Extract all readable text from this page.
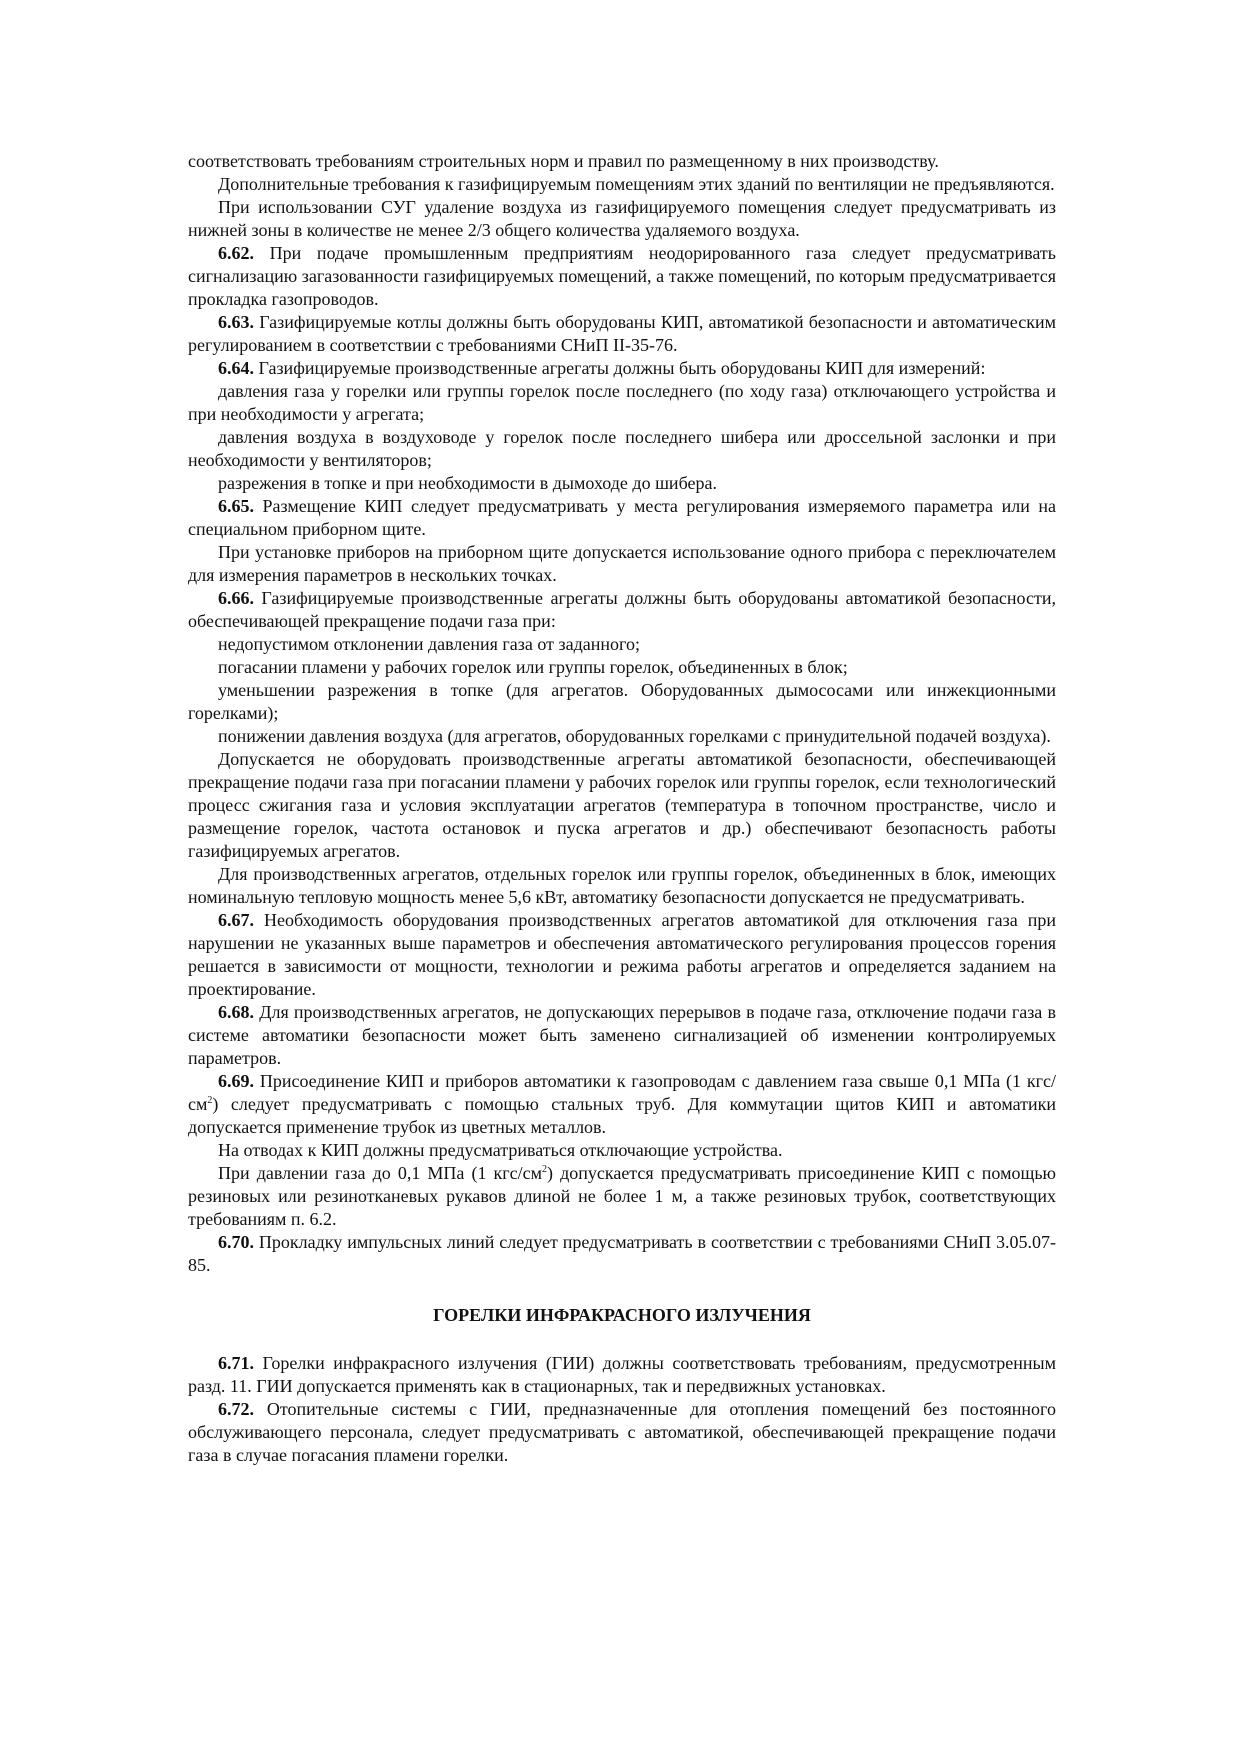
соответствовать требованиям строительных норм и правил по размещенному в них производству.

Дополнительные требования к газифицируемым помещениям этих зданий по вентиляции не предъявляются.

При использовании СУГ удаление воздуха из газифицируемого помещения следует предусматривать из нижней зоны в количестве не менее 2/3 общего количества удаляемого воздуха.

6.62. При подаче промышленным предприятиям неодорированного газа следует предусматривать сигнализацию загазованности газифицируемых помещений, а также помещений, по которым предусматривается прокладка газопроводов.

6.63. Газифицируемые котлы должны быть оборудованы КИП, автоматикой безопасности и автоматическим регулированием в соответствии с требованиями СНиП II-35-76.

6.64. Газифицируемые производственные агрегаты должны быть оборудованы КИП для измерений:

давления газа у горелки или группы горелок после последнего (по ходу газа) отключающего устройства и при необходимости у агрегата;

давления воздуха в воздуховоде у горелок после последнего шибера или дроссельной заслонки и при необходимости у вентиляторов;

разрежения в топке и при необходимости в дымоходе до шибера.

6.65. Размещение КИП следует предусматривать у места регулирования измеряемого параметра или на специальном приборном щите.

При установке приборов на приборном щите допускается использование одного прибора с переключателем для измерения параметров в нескольких точках.

6.66. Газифицируемые производственные агрегаты должны быть оборудованы автоматикой безопасности, обеспечивающей прекращение подачи газа при:

недопустимом отклонении давления газа от заданного;

погасании пламени у рабочих горелок или группы горелок, объединенных в блок;

уменьшении разрежения в топке (для агрегатов. Оборудованных дымососами или инжекционными горелками);

понижении давления воздуха (для агрегатов, оборудованных горелками с принудительной подачей воздуха).

Допускается не оборудовать производственные агрегаты автоматикой безопасности, обеспечивающей прекращение подачи газа при погасании пламени у рабочих горелок или группы горелок, если технологический процесс сжигания газа и условия эксплуатации агрегатов (температура в топочном пространстве, число и размещение горелок, частота остановок и пуска агрегатов и др.) обеспечивают безопасность работы газифицируемых агрегатов.

Для производственных агрегатов, отдельных горелок или группы горелок, объединенных в блок, имеющих номинальную тепловую мощность менее 5,6 кВт, автоматику безопасности допускается не предусматривать.

6.67. Необходимость оборудования производственных агрегатов автоматикой для отключения газа при нарушении не указанных выше параметров и обеспечения автоматического регулирования процессов горения решается в зависимости от мощности, технологии и режима работы агрегатов и определяется заданием на проектирование.

6.68. Для производственных агрегатов, не допускающих перерывов в подаче газа, отключение подачи газа в системе автоматики безопасности может быть заменено сигнализацией об изменении контролируемых параметров.

6.69. Присоединение КИП и приборов автоматики к газопроводам с давлением газа свыше 0,1 МПа (1 кгс/$см^2$) следует предусматривать с помощью стальных труб. Для коммутации щитов КИП и автоматики допускается применение трубок из цветных металлов.

На отводах к КИП должны предусматриваться отключающие устройства.

При давлении газа до 0,1 МПа (1 кгс/$см^2$) допускается предусматривать присоединение КИП с помощью резиновых или резинотканевых рукавов длиной не более 1 м, а также резиновых трубок, соответствующих требованиям п. 6.2.

6.70. Прокладку импульсных линий следует предусматривать в соответствии с требованиями СНиП 3.05.07-85.

ГОРЕЛКИ ИНФРАКРАСНОГО ИЗЛУЧЕНИЯ

6.71. Горелки инфракрасного излучения (ГИИ) должны соответствовать требованиям, предусмотренным разд. 11. ГИИ допускается применять как в стационарных, так и передвижных установках.

6.72. Отопительные системы с ГИИ, предназначенные для отопления помещений без постоянного обслуживающего персонала, следует предусматривать с автоматикой, обеспечивающей прекращение подачи газа в случае погасания пламени горелки.
